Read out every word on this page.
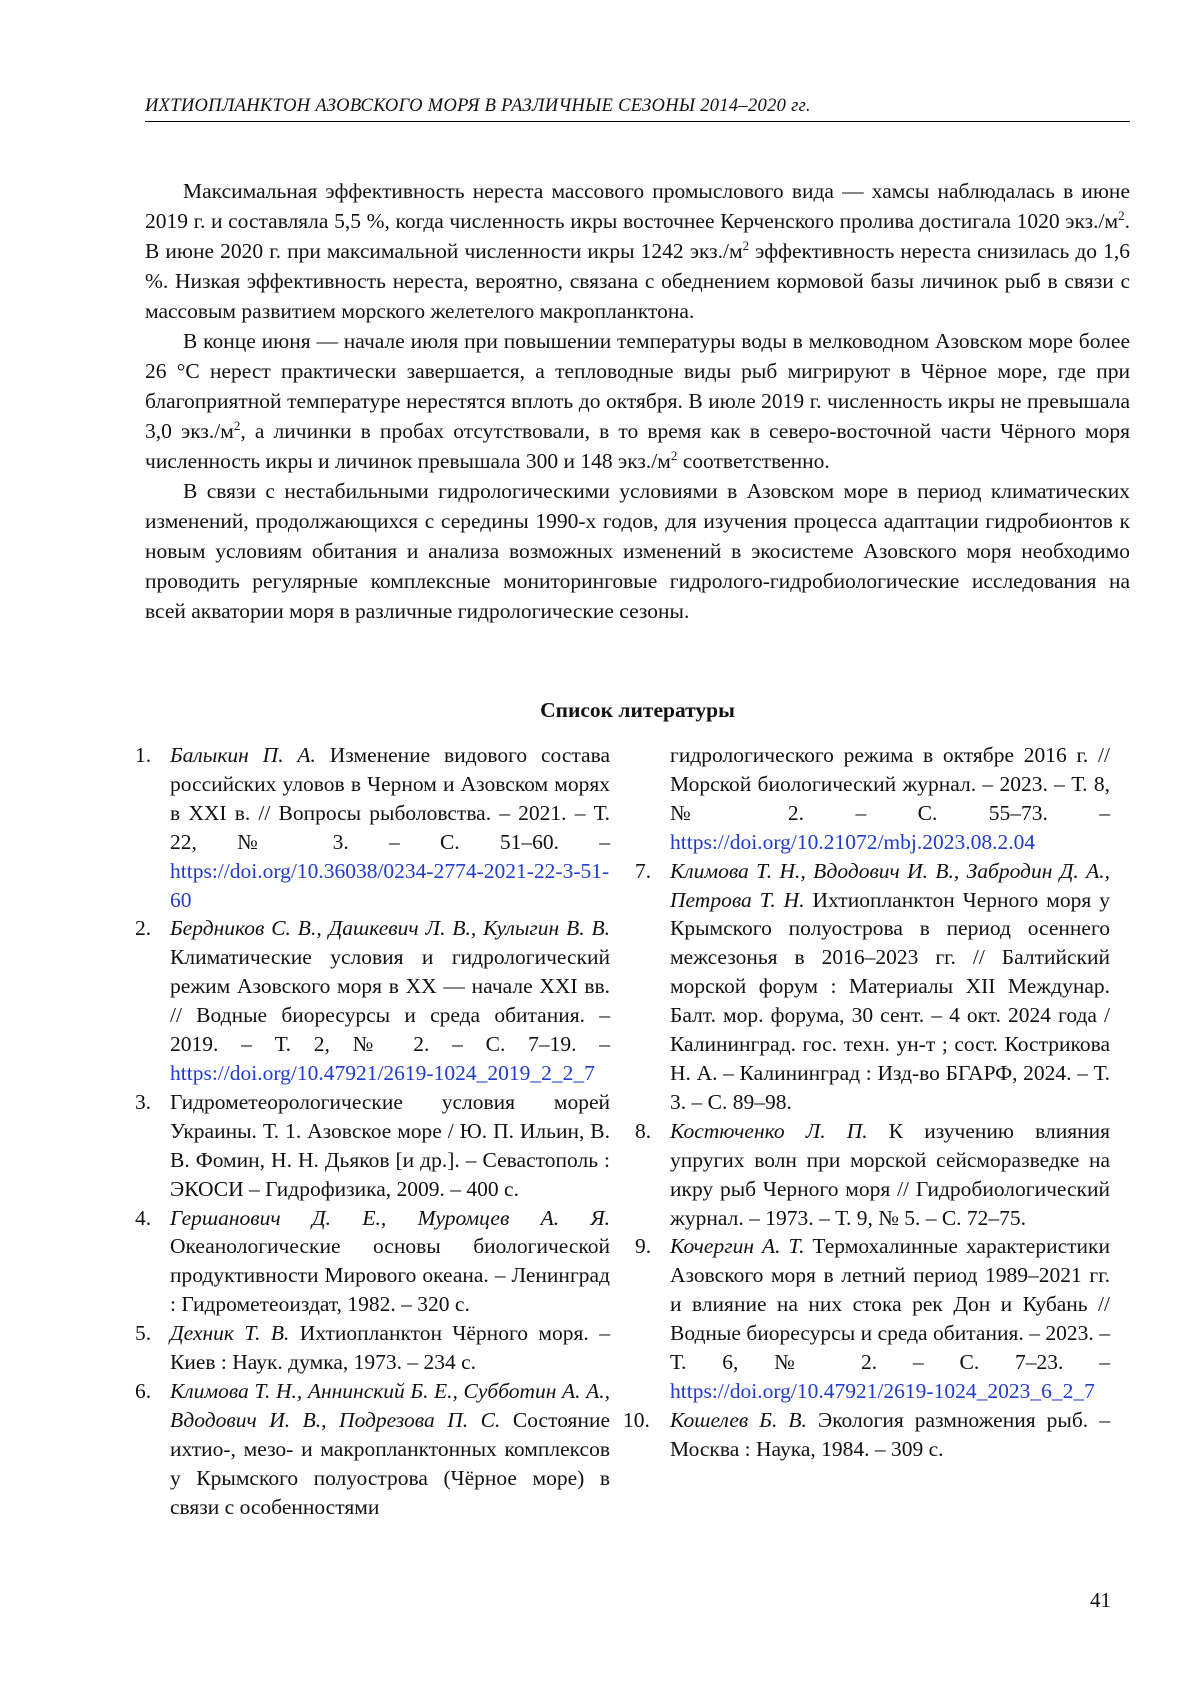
ИХТИОПЛАНКТОН АЗОВСКОГО МОРЯ В РАЗЛИЧНЫЕ СЕЗОНЫ 2014–2020 гг.

Максимальная эффективность нереста массового промыслового вида — хамсы наблюдалась в июне 2019 г. и составляла 5,5 %, когда численность икры восточнее Керченского пролива достигала 1020 $экз./м^2$. В июне 2020 г. при максимальной численности икры 1242 $экз./м^2$ эффективность нереста снизилась до 1,6 %. Низкая эффективность нереста, вероятно, связана с обеднением кормовой базы личинок рыб в связи с массовым развитием морского желетелого макропланктона.

В конце июня — начале июля при повышении температуры воды в мелководном Азовском море более 26 °C нерест практически завершается, а тепловодные виды рыб мигрируют в Чёрное море, где при благоприятной температуре нерестятся вплоть до октября. В июле 2019 г. численность икры не превышала 3,0 $экз./м^2$, а личинки в пробах отсутствовали, в то время как в северо-восточной части Чёрного моря численность икры и личинок превышала 300 и 148 $экз./м^2$ соответственно.

В связи с нестабильными гидрологическими условиями в Азовском море в период климатических изменений, продолжающихся с середины 1990-х годов, для изучения процесса адаптации гидробионтов к новым условиям обитания и анализа возможных изменений в экосистеме Азовского моря необходимо проводить регулярные комплексные мониторинговые гидролого-гидробиологические исследования на всей акватории моря в различные гидрологические сезоны.

Список литературы

1. Балыкин П. А. Изменение видового состава российских уловов в Черном и Азовском морях в XXI в. // Вопросы рыболовства. – 2021. – Т. 22, № 3. – С. 51–60. – https://doi.org/10.36038/0234-2774-2021-22-3-51-60

2. Бердников С. В., Дашкевич Л. В., Кулыгин В. В. Климатические условия и гидрологический режим Азовского моря в XX — начале XXI вв. // Водные биоресурсы и среда обитания. – 2019. – Т. 2, № 2. – С. 7–19. – https://doi.org/10.47921/2619-1024_2019_2_2_7

3. Гидрометеорологические условия морей Украины. Т. 1. Азовское море / Ю. П. Ильин, В. В. Фомин, Н. Н. Дьяков [и др.]. – Севастополь : ЭКОСИ – Гидрофизика, 2009. – 400 с.

4. Гершанович Д. Е., Муромцев А. Я. Океанологические основы биологической продуктивности Мирового океана. – Ленинград : Гидрометеоиздат, 1982. – 320 с.

5. Дехник Т. В. Ихтиопланктон Чёрного моря. – Киев : Наук. думка, 1973. – 234 с.

6. Климова Т. Н., Аннинский Б. Е., Субботин А. А., Вдодович И. В., Подрезова П. С. Состояние ихтио-, мезо- и макропланктонных комплексов у Крымского полуострова (Чёрное море) в связи с особенностями

гидрологического режима в октябре 2016 г. // Морской биологический журнал. – 2023. – Т. 8, № 2. – С. 55–73. – https://doi.org/10.21072/mbj.2023.08.2.04

7. Климова Т. Н., Вдодович И. В., Забродин Д. А., Петрова Т. Н. Ихтиопланктон Черного моря у Крымского полуострова в период осеннего межсезонья в 2016–2023 гг. // Балтийский морской форум : Материалы XII Междунар. Балт. мор. форума, 30 сент. – 4 окт. 2024 года / Калининград. гос. техн. ун-т ; сост. Кострикова Н. А. – Калининград : Изд-во БГАРФ, 2024. – Т. 3. – С. 89–98.

8. Костюченко Л. П. К изучению влияния упругих волн при морской сейсморазведке на икру рыб Черного моря // Гидробиологический журнал. – 1973. – Т. 9, № 5. – С. 72–75.

9. Кочергин А. Т. Термохалинные характеристики Азовского моря в летний период 1989–2021 гг. и влияние на них стока рек Дон и Кубань // Водные биоресурсы и среда обитания. – 2023. – Т. 6, № 2. – С. 7–23. – https://doi.org/10.47921/2619-1024_2023_6_2_7

10. Кошелев Б. В. Экология размножения рыб. – Москва : Наука, 1984. – 309 с.

41
